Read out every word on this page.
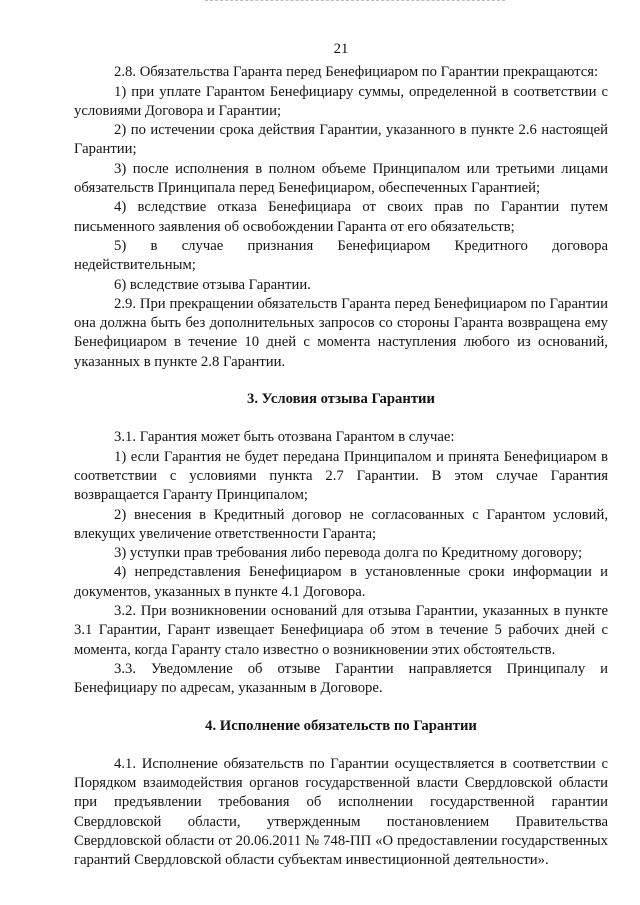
21

2.8. Обязательства Гаранта перед Бенефициаром по Гарантии прекращаются:

1) при уплате Гарантом Бенефициару суммы, определенной в соответствии с условиями Договора и Гарантии;

2) по истечении срока действия Гарантии, указанного в пункте 2.6 настоящей Гарантии;

3) после исполнения в полном объеме Принципалом или третьими лицами обязательств Принципала перед Бенефициаром, обеспеченных Гарантией;

4) вследствие отказа Бенефициара от своих прав по Гарантии путем письменного заявления об освобождении Гаранта от его обязательств;

5) в случае признания Бенефициаром Кредитного договора недействительным;

6) вследствие отзыва Гарантии.

2.9. При прекращении обязательств Гаранта перед Бенефициаром по Гарантии она должна быть без дополнительных запросов со стороны Гаранта возвращена ему Бенефициаром в течение 10 дней с момента наступления любого из оснований, указанных в пункте 2.8 Гарантии.

3. Условия отзыва Гарантии

3.1. Гарантия может быть отозвана Гарантом в случае:

1) если Гарантия не будет передана Принципалом и принята Бенефициаром в соответствии с условиями пункта 2.7 Гарантии. В этом случае Гарантия возвращается Гаранту Принципалом;

2) внесения в Кредитный договор не согласованных с Гарантом условий, влекущих увеличение ответственности Гаранта;

3) уступки прав требования либо перевода долга по Кредитному договору;

4) непредставления Бенефициаром в установленные сроки информации и документов, указанных в пункте 4.1 Договора.

3.2. При возникновении оснований для отзыва Гарантии, указанных в пункте 3.1 Гарантии, Гарант извещает Бенефициара об этом в течение 5 рабочих дней с момента, когда Гаранту стало известно о возникновении этих обстоятельств.

3.3. Уведомление об отзыве Гарантии направляется Принципалу и Бенефициару по адресам, указанным в Договоре.

4. Исполнение обязательств по Гарантии

4.1. Исполнение обязательств по Гарантии осуществляется в соответствии с Порядком взаимодействия органов государственной власти Свердловской области при предъявлении требования об исполнении государственной гарантии Свердловской области, утвержденным постановлением Правительства Свердловской области от 20.06.2011 № 748-ПП «О предоставлении государственных гарантий Свердловской области субъектам инвестиционной деятельности».
